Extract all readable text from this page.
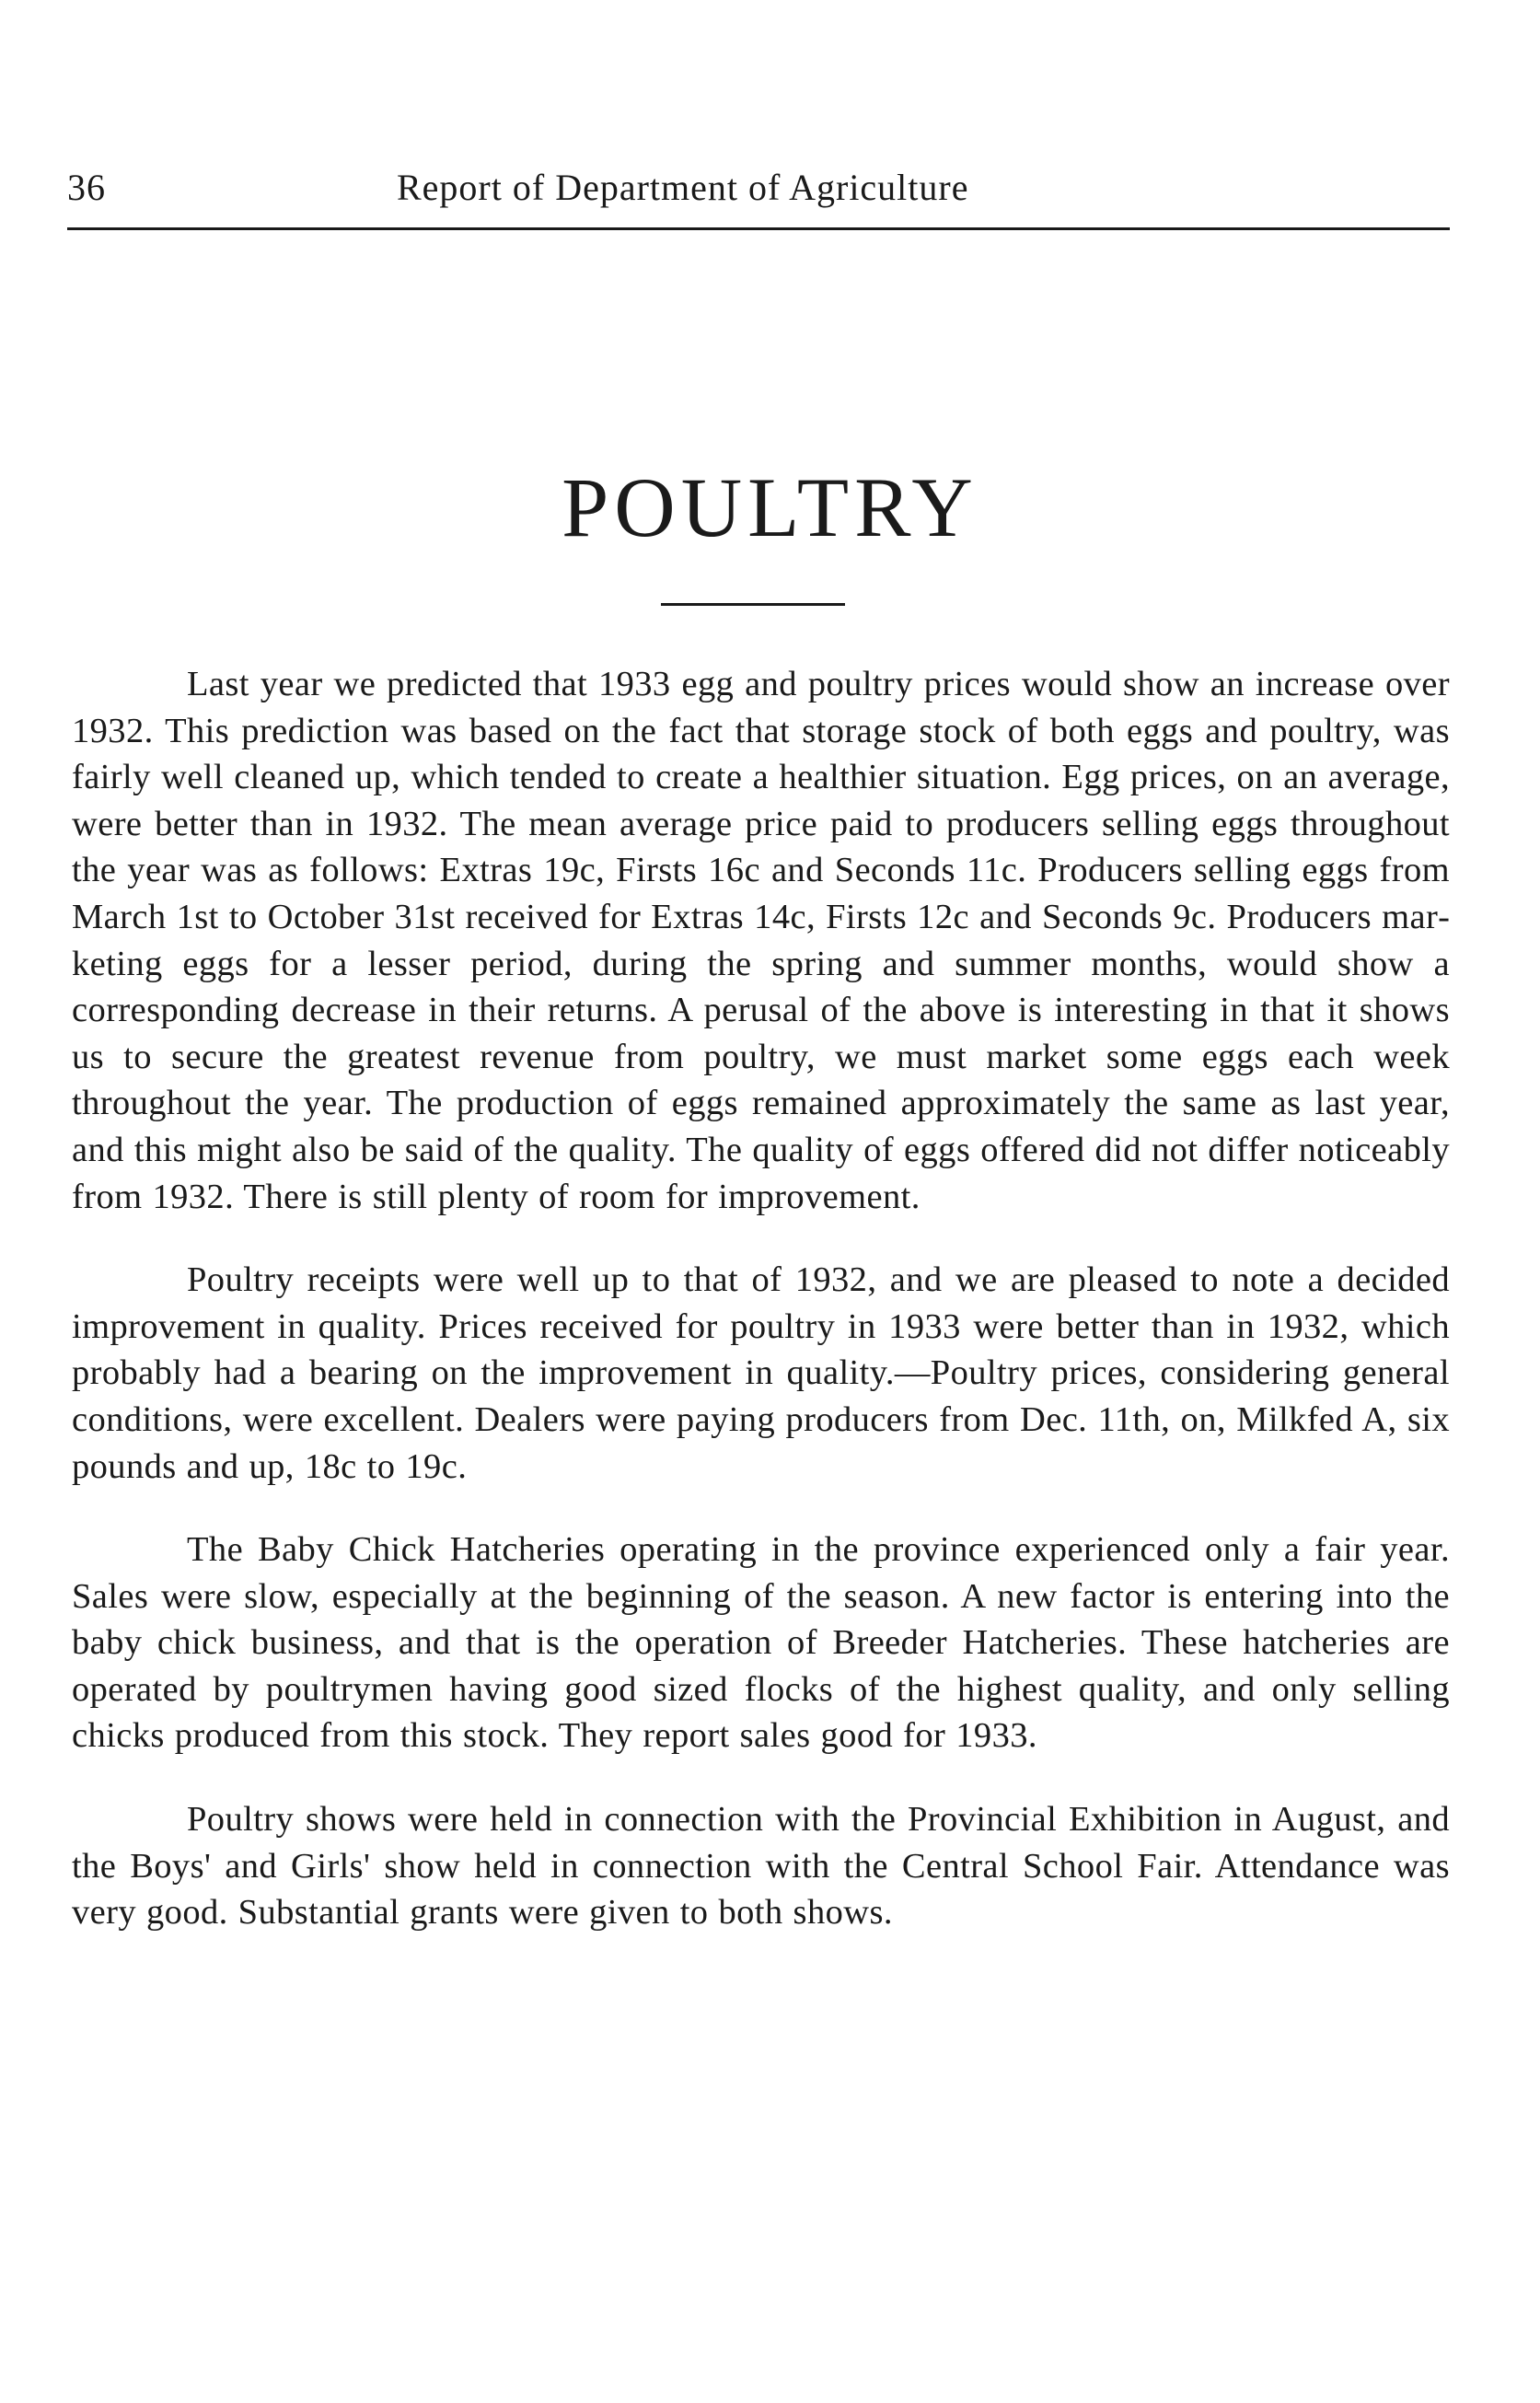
36	Report of Department of Agriculture
POULTRY

Last year we predicted that 1933 egg and poultry prices would show an increase over 1932. This prediction was based on the fact that storage stock of both eggs and poultry, was fairly well cleaned up, which tended to create a healthier situation. Egg prices, on an average, were better than in 1932. The mean average price paid to producers selling eggs throughout the year was as follows: Extras 19c, Firsts 16c and Seconds 11c. Producers selling eggs from March 1st to October 31st received for Extras 14c, Firsts 12c and Seconds 9c. Producers marketing eggs for a lesser period, during the spring and summer months, would show a corresponding decrease in their returns. A perusal of the above is interesting in that it shows us to secure the greatest revenue from poultry, we must market some eggs each week throughout the year. The production of eggs remained approximately the same as last year, and this might also be said of the quality. The quality of eggs offered did not differ noticeably from 1932. There is still plenty of room for improvement.

Poultry receipts were well up to that of 1932, and we are pleased to note a decided improvement in quality. Prices received for poultry in 1933 were better than in 1932, which probably had a bearing on the improvement in quality.—Poultry prices, considering general conditions, were excellent. Dealers were paying producers from Dec. 11th, on, Milkfed A, six pounds and up, 18c to 19c.

The Baby Chick Hatcheries operating in the province experienced only a fair year. Sales were slow, especially at the beginning of the season. A new factor is entering into the baby chick business, and that is the operation of Breeder Hatcheries. These hatcheries are operated by poultrymen having good sized flocks of the highest quality, and only selling chicks produced from this stock. They report sales good for 1933.

Poultry shows were held in connection with the Provincial Exhibition in August, and the Boys' and Girls' show held in connection with the Central School Fair. Attendance was very good. Substantial grants were given to both shows.
